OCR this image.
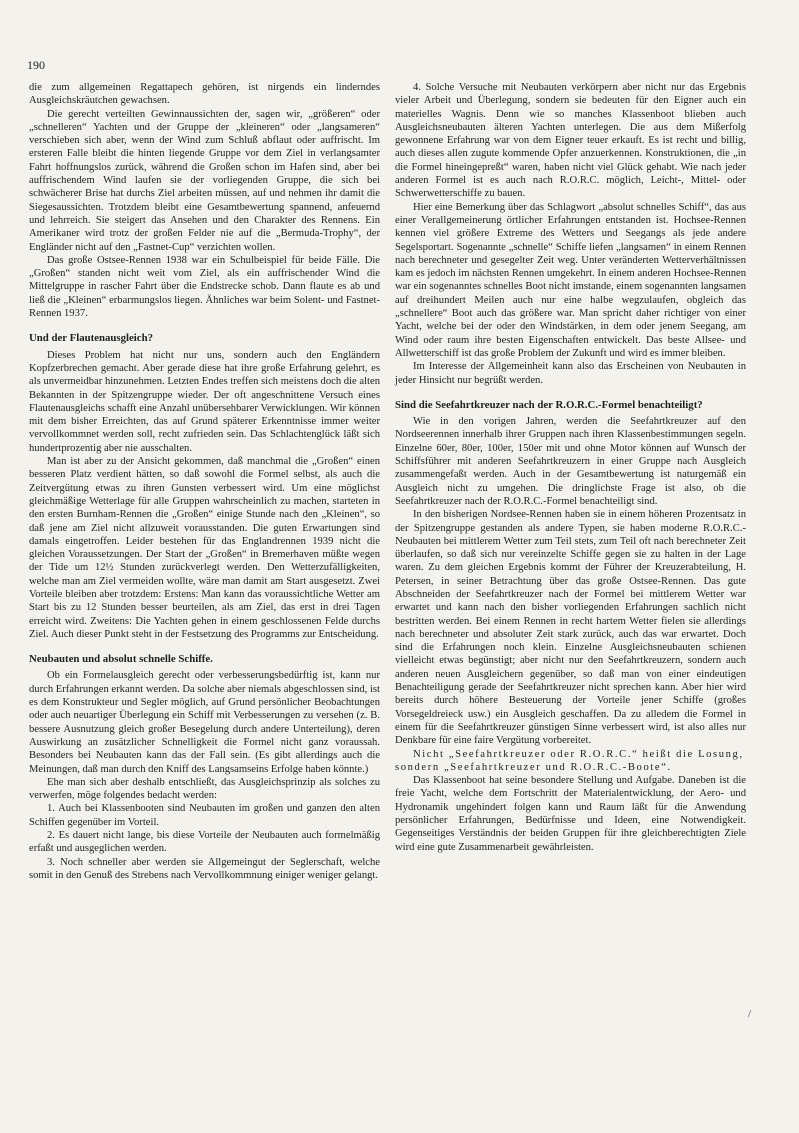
190

die zum allgemeinen Regattapech gehören, ist nirgends ein linderndes Ausgleichskräutchen gewachsen.

Die gerecht verteilten Gewinnaussichten der, sagen wir, „größeren“ oder „schnelleren“ Yachten und der Gruppe der „kleineren“ oder „langsameren“ verschieben sich aber, wenn der Wind zum Schluß abflaut oder auffrischt. Im ersteren Falle bleibt die hinten liegende Gruppe vor dem Ziel in verlangsamter Fahrt hoffnungslos zurück, während die Großen schon im Hafen sind, aber bei auffrischendem Wind laufen sie der vorliegenden Gruppe, die sich bei schwächerer Brise hat durchs Ziel arbeiten müssen, auf und nehmen ihr damit die Siegesaussichten. Trotzdem bleibt eine Gesamtbewertung spannend, anfeuernd und lehrreich. Sie steigert das Ansehen und den Charakter des Rennens. Ein Amerikaner wird trotz der großen Felder nie auf die „Bermuda-Trophy“, der Engländer nicht auf den „Fastnet-Cup“ verzichten wollen.

Das große Ostsee-Rennen 1938 war ein Schulbeispiel für beide Fälle. Die „Großen“ standen nicht weit vom Ziel, als ein auffrischender Wind die Mittelgruppe in rascher Fahrt über die Endstrecke schob. Dann flaute es ab und ließ die „Kleinen“ erbarmungslos liegen. Ähnliches war beim Solent- und Fastnet-Rennen 1937.

Und der Flautenausgleich?

Dieses Problem hat nicht nur uns, sondern auch den Engländern Kopfzerbrechen gemacht. Aber gerade diese hat ihre große Erfahrung gelehrt, es als unvermeidbar hinzunehmen. Letzten Endes treffen sich meistens doch die alten Bekannten in der Spitzengruppe wieder. Der oft angeschnittene Versuch eines Flautenausgleichs schafft eine Anzahl unübersehbarer Verwicklungen. Wir können mit dem bisher Erreichten, das auf Grund späterer Erkenntnisse immer weiter vervollkommnet werden soll, recht zufrieden sein. Das Schlachtenglück läßt sich hundertprozentig aber nie ausschalten.

Man ist aber zu der Ansicht gekommen, daß manchmal die „Großen“ einen besseren Platz verdient hätten, so daß sowohl die Formel selbst, als auch die Zeitvergütung etwas zu ihren Gunsten verbessert wird. Um eine möglichst gleichmäßige Wetterlage für alle Gruppen wahrscheinlich zu machen, starteten in den ersten Burnham-Rennen die „Großen“ einige Stunde nach den „Kleinen“, so daß jene am Ziel nicht allzuweit vorausstanden. Die guten Erwartungen sind damals eingetroffen. Leider bestehen für das Englandrennen 1939 nicht die gleichen Voraussetzungen. Der Start der „Großen“ in Bremerhaven müßte wegen der Tide um 12½ Stunden zurückverlegt werden. Den Wetterzufälligkeiten, welche man am Ziel vermeiden wollte, wäre man damit am Start ausgesetzt. Zwei Vorteile bleiben aber trotzdem: Erstens: Man kann das voraussichtliche Wetter am Start bis zu 12 Stunden besser beurteilen, als am Ziel, das erst in drei Tagen erreicht wird. Zweitens: Die Yachten gehen in einem geschlossenen Felde durchs Ziel. Auch dieser Punkt steht in der Festsetzung des Programms zur Entscheidung.

Neubauten und absolut schnelle Schiffe.

Ob ein Formelausgleich gerecht oder verbesserungsbedürftig ist, kann nur durch Erfahrungen erkannt werden. Da solche aber niemals abgeschlossen sind, ist es dem Konstrukteur und Segler möglich, auf Grund persönlicher Beobachtungen oder auch neuartiger Überlegung ein Schiff mit Verbesserungen zu versehen (z. B. bessere Ausnutzung gleich großer Besegelung durch andere Unterteilung), deren Auswirkung an zusätzlicher Schnelligkeit die Formel nicht ganz voraussah. Besonders bei Neubauten kann das der Fall sein. (Es gibt allerdings auch die Meinungen, daß man durch den Kniff des Langsamseins Erfolge haben könnte.)

Ehe man sich aber deshalb entschließt, das Ausgleichsprinzip als solches zu verwerfen, möge folgendes bedacht werden:

1. Auch bei Klassenbooten sind Neubauten im großen und ganzen den alten Schiffen gegenüber im Vorteil.

2. Es dauert nicht lange, bis diese Vorteile der Neubauten auch formelmäßig erfaßt und ausgeglichen werden.

3. Noch schneller aber werden sie Allgemeingut der Seglerschaft, welche somit in den Genuß des Strebens nach Vervollkommnung einiger weniger gelangt.

4. Solche Versuche mit Neubauten verkörpern aber nicht nur das Ergebnis vieler Arbeit und Überlegung, sondern sie bedeuten für den Eigner auch ein materielles Wagnis. Denn wie so manches Klassenboot blieben auch Ausgleichsneubauten älteren Yachten unterlegen. Die aus dem Mißerfolg gewonnene Erfahrung war von dem Eigner teuer erkauft. Es ist recht und billig, auch dieses allen zugute kommende Opfer anzuerkennen. Konstruktionen, die „in die Formel hineingepreßt“ waren, haben nicht viel Glück gehabt. Wie nach jeder anderen Formel ist es auch nach R.O.R.C. möglich, Leicht-, Mittel- oder Schwerwetterschiffe zu bauen.

Hier eine Bemerkung über das Schlagwort „absolut schnelles Schiff“, das aus einer Verallgemeinerung örtlicher Erfahrungen entstanden ist. Hochsee-Rennen kennen viel größere Extreme des Wetters und Seegangs als jede andere Segelsportart. Sogenannte „schnelle“ Schiffe liefen „langsamen“ in einem Rennen nach berechneter und gesegelter Zeit weg. Unter veränderten Wetterverhältnissen kam es jedoch im nächsten Rennen umgekehrt. In einem anderen Hochsee-Rennen war ein sogenanntes schnelles Boot nicht imstande, einem sogenannten langsamen auf dreihundert Meilen auch nur eine halbe wegzulaufen, obgleich das „schnellere“ Boot auch das größere war. Man spricht daher richtiger von einer Yacht, welche bei der oder den Windstärken, in dem oder jenem Seegang, am Wind oder raum ihre besten Eigenschaften entwickelt. Das beste Allsee- und Allwetterschiff ist das große Problem der Zukunft und wird es immer bleiben.

Im Interesse der Allgemeinheit kann also das Erscheinen von Neubauten in jeder Hinsicht nur begrüßt werden.

Sind die Seefahrtkreuzer nach der R.O.R.C.-Formel benachteiligt?

Wie in den vorigen Jahren, werden die Seefahrtkreuzer auf den Nordseerennen innerhalb ihrer Gruppen nach ihren Klassenbestimmungen segeln. Einzelne 60er, 80er, 100er, 150er mit und ohne Motor können auf Wunsch der Schiffsführer mit anderen Seefahrtkreuzern in einer Gruppe nach Ausgleich zusammengefaßt werden. Auch in der Gesamtbewertung ist naturgemäß ein Ausgleich nicht zu umgehen. Die dringlichste Frage ist also, ob die Seefahrtkreuzer nach der R.O.R.C.-Formel benachteiligt sind.

In den bisherigen Nordsee-Rennen haben sie in einem höheren Prozentsatz in der Spitzengruppe gestanden als andere Typen, sie haben moderne R.O.R.C.-Neubauten bei mittlerem Wetter zum Teil stets, zum Teil oft nach berechneter Zeit überlaufen, so daß sich nur vereinzelte Schiffe gegen sie zu halten in der Lage waren. Zu dem gleichen Ergebnis kommt der Führer der Kreuzerabteilung, H. Petersen, in seiner Betrachtung über das große Ostsee-Rennen. Das gute Abschneiden der Seefahrtkreuzer nach der Formel bei mittlerem Wetter war erwartet und kann nach den bisher vorliegenden Erfahrungen sachlich nicht bestritten werden. Bei einem Rennen in recht hartem Wetter fielen sie allerdings nach berechneter und absoluter Zeit stark zurück, auch das war erwartet. Doch sind die Erfahrungen noch klein. Einzelne Ausgleichsneubauten schienen vielleicht etwas begünstigt; aber nicht nur den Seefahrtkreuzern, sondern auch anderen neuen Ausgleichern gegenüber, so daß man von einer eindeutigen Benachteiligung gerade der Seefahrtkreuzer nicht sprechen kann. Aber hier wird bereits durch höhere Besteuerung der Vorteile jener Schiffe (großes Vorsegeldreieck usw.) ein Ausgleich geschaffen. Da zu alledem die Formel in einem für die Seefahrtkreuzer günstigen Sinne verbessert wird, ist also alles nur Denkbare für eine faire Vergütung vorbereitet.

Nicht „Seefahrtkreuzer oder R.O.R.C.“ heißt die Losung, sondern „Seefahrtkreuzer und R.O.R.C.-Boote“.

Das Klassenboot hat seine besondere Stellung und Aufgabe. Daneben ist die freie Yacht, welche dem Fortschritt der Materialentwicklung, der Aero- und Hydronamik ungehindert folgen kann und Raum läßt für die Anwendung persönlicher Erfahrungen, Bedürfnisse und Ideen, eine Notwendigkeit. Gegenseitiges Verständnis der beiden Gruppen für ihre gleichberechtigten Ziele wird eine gute Zusammenarbeit gewährleisten.

/
